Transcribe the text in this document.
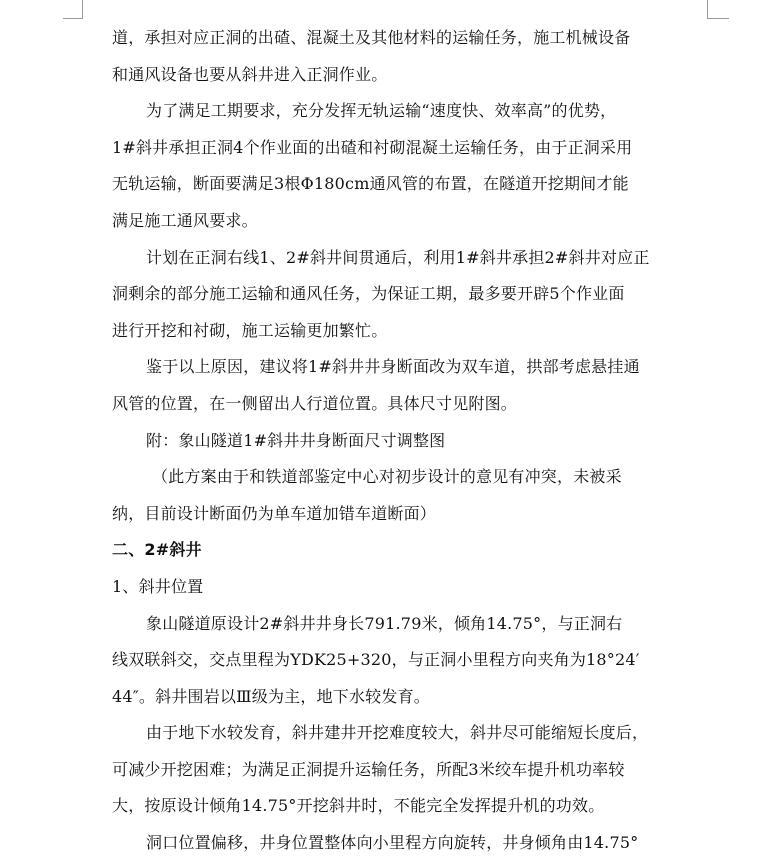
道，承担对应正洞的出碴、混凝土及其他材料的运输任务，施工机械设备
和通风设备也要从斜井进入正洞作业。
为了满足工期要求，充分发挥无轨运输“速度快、效率高”的优势，
1#斜井承担正洞4个作业面的出碴和衬砌混凝土运输任务，由于正洞采用
无轨运输，断面要满足3根Φ180cm通风管的布置，在隧道开挖期间才能
满足施工通风要求。
计划在正洞右线1、2#斜井间贯通后，利用1#斜井承担2#斜井对应正
洞剩余的部分施工运输和通风任务，为保证工期，最多要开辟5个作业面
进行开挖和衬砌，施工运输更加繁忙。
鉴于以上原因，建议将1#斜井井身断面改为双车道，拱部考虑悬挂通
风管的位置，在一侧留出人行道位置。具体尺寸见附图。
附：象山隧道1#斜井井身断面尺寸调整图
（此方案由于和铁道部鉴定中心对初步设计的意见有冲突，未被采
纳，目前设计断面仍为单车道加错车道断面）
二、2#斜井
1、斜井位置
象山隧道原设计2#斜井井身长791.79米，倾角14.75°，与正洞右
线双联斜交，交点里程为YDK25+320，与正洞小里程方向夹角为18°24′
44″。斜井围岩以Ⅲ级为主，地下水较发育。
由于地下水较发育，斜井建井开挖难度较大，斜井尽可能缩短长度后，
可减少开挖困难；为满足正洞提升运输任务，所配3米绞车提升机功率较
大，按原设计倾角14.75°开挖斜井时，不能完全发挥提升机的功效。
洞口位置偏移，井身位置整体向小里程方向旋转，井身倾角由14.75°
